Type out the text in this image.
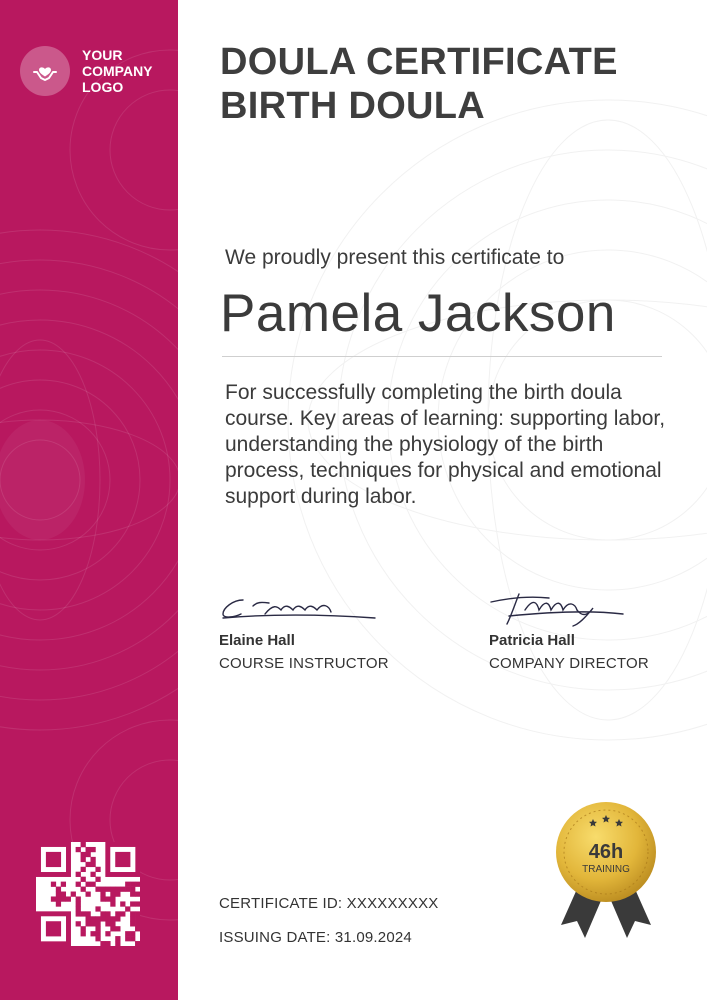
YOUR COMPANY LOGO
DOULA CERTIFICATE
BIRTH DOULA
We proudly present this certificate to
Pamela Jackson
For successfully completing the birth doula course. Key areas of learning: supporting labor, understanding the physiology of the birth process, techniques for physical and emotional support during labor.
Elaine Hall
COURSE INSTRUCTOR
Patricia Hall
COMPANY DIRECTOR
CERTIFICATE ID: XXXXXXXXX
ISSUING DATE: 31.09.2024
46h
TRAINING
